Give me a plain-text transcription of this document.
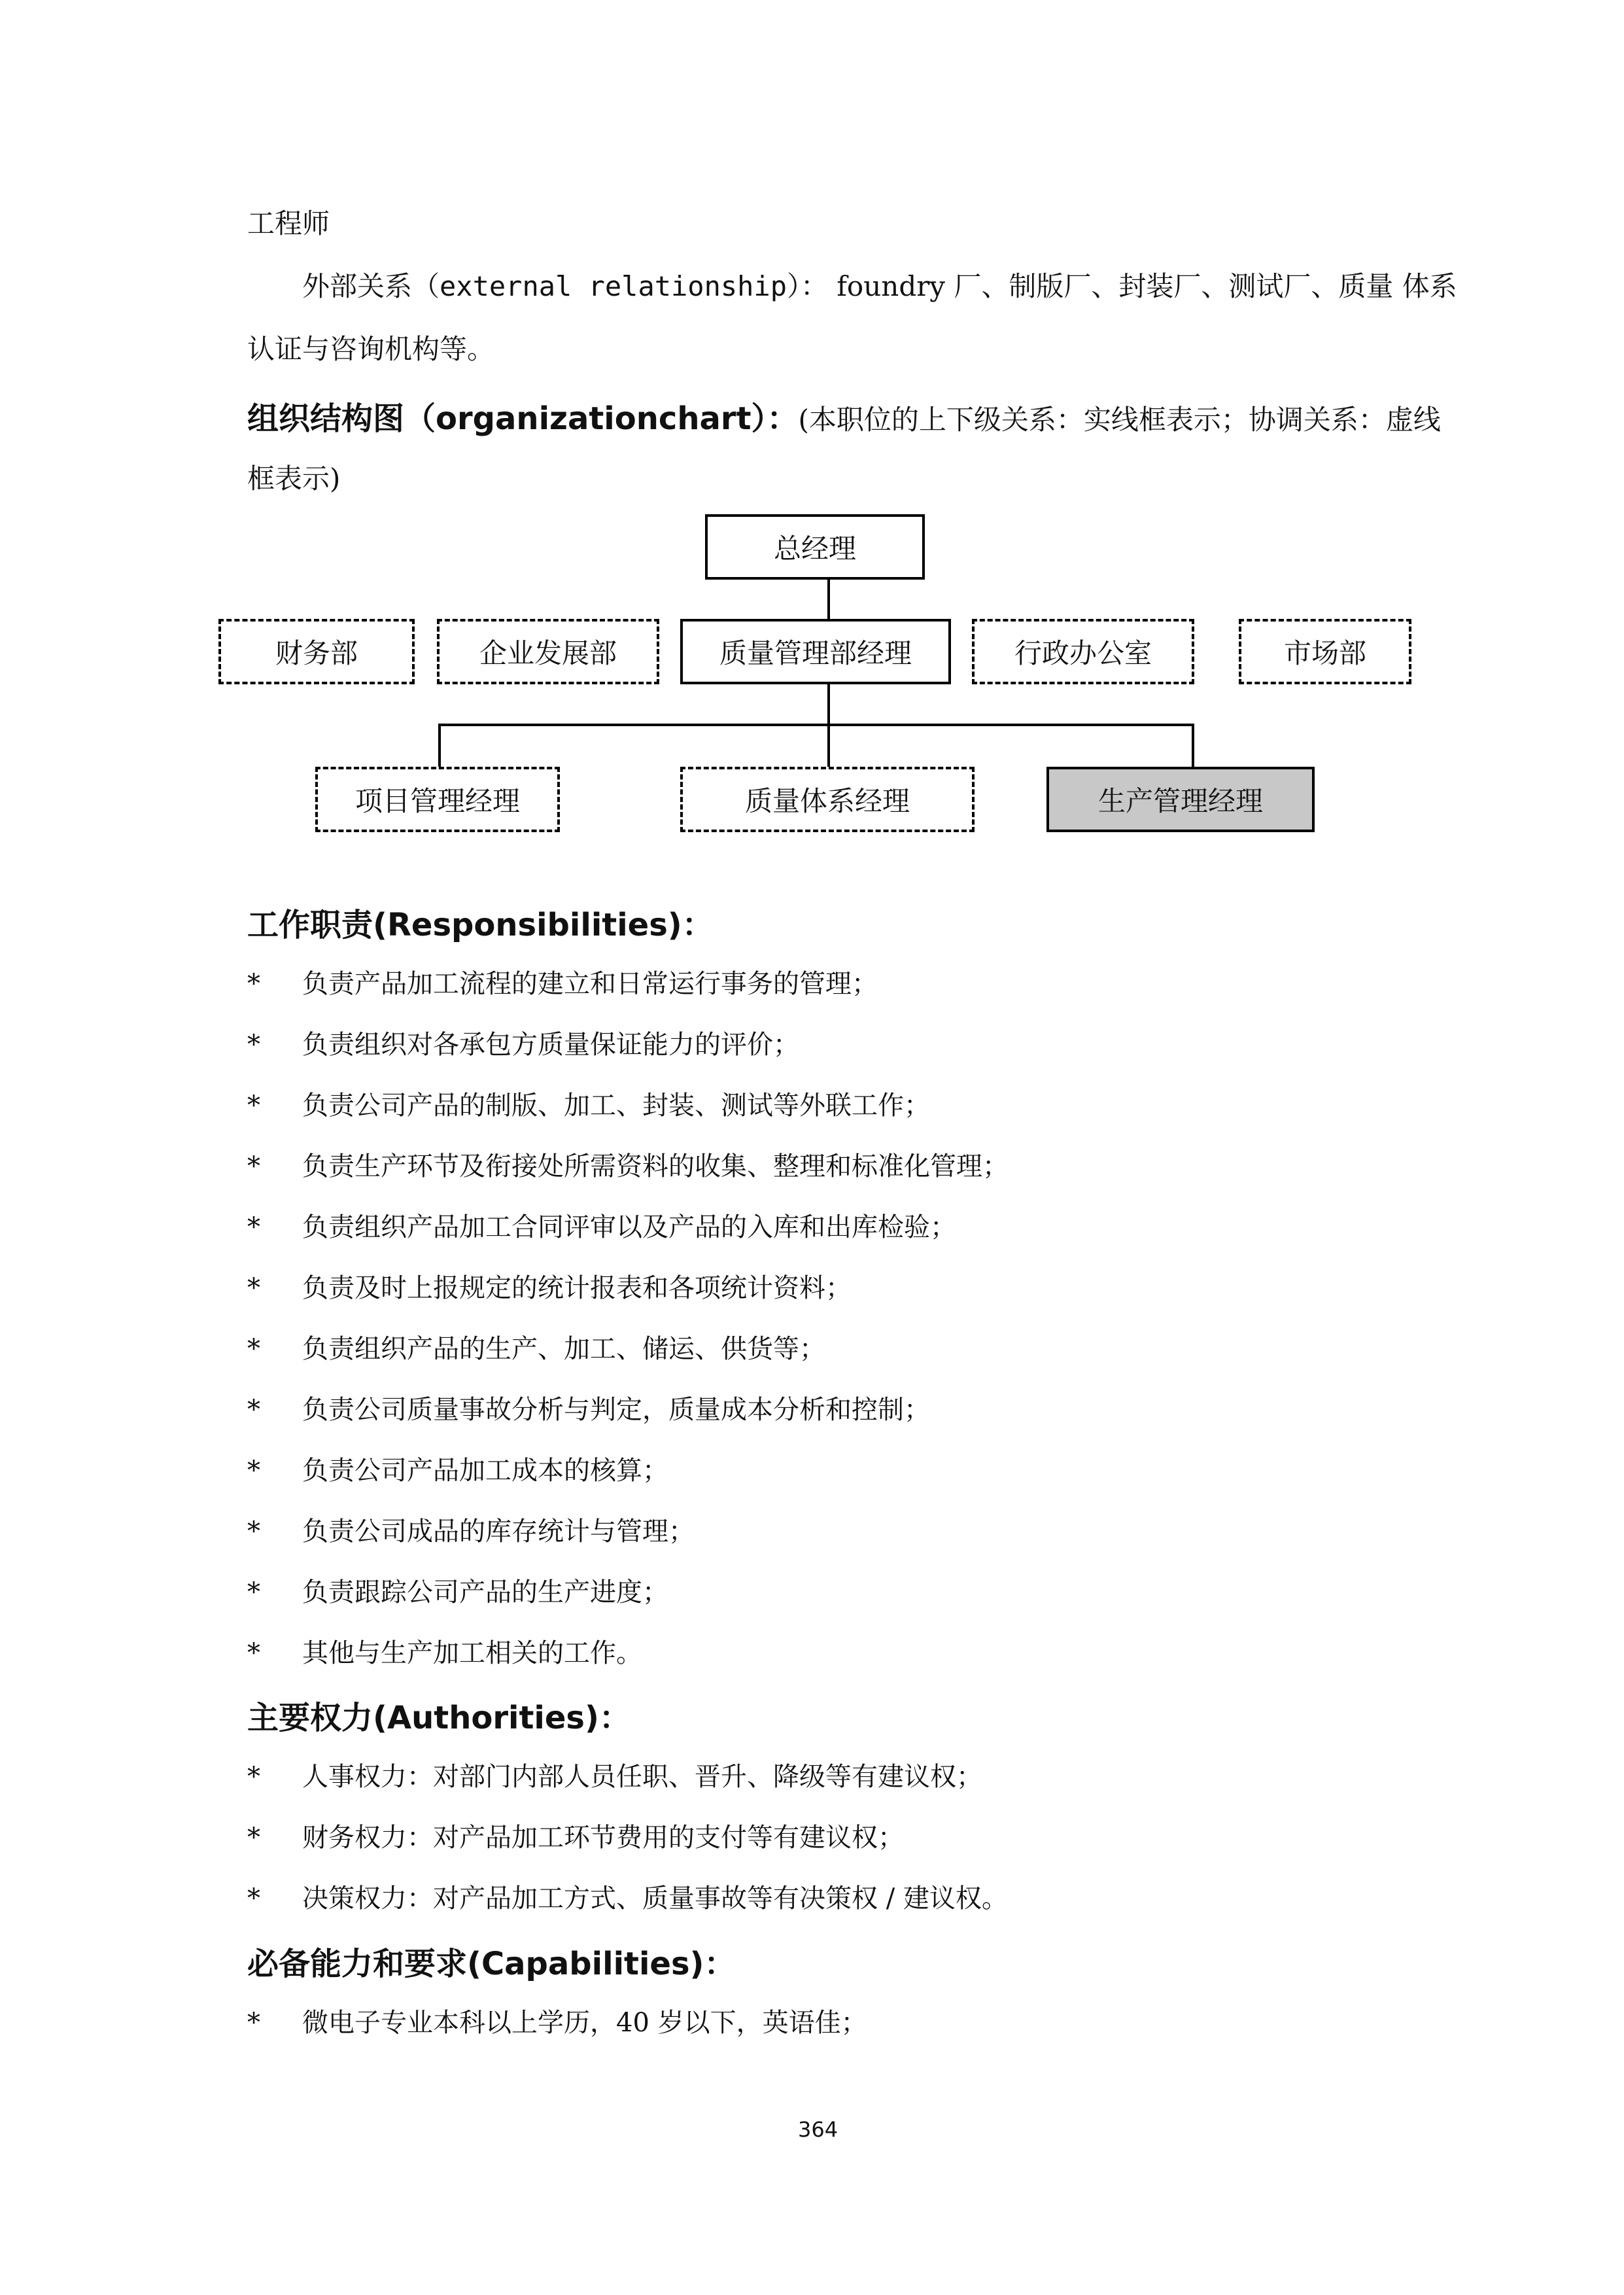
工程师
外部关系（external relationship）： foundry 厂、制版厂、封装厂、测试厂、质量 体系
认证与咨询机构等。
组织结构图（organizationchart）：(本职位的上下级关系：实线框表示；协调关系：虚线
框表示)
总经理
财务部	企业发展部	质量管理部经理	行政办公室	市场部
项目管理经理	质量体系经理	生产管理经理
工作职责(Responsibilities)：
* 负责产品加工流程的建立和日常运行事务的管理；
* 负责组织对各承包方质量保证能力的评价；
* 负责公司产品的制版、加工、封装、测试等外联工作；
* 负责生产环节及衔接处所需资料的收集、整理和标准化管理；
* 负责组织产品加工合同评审以及产品的入库和出库检验；
* 负责及时上报规定的统计报表和各项统计资料；
* 负责组织产品的生产、加工、储运、供货等；
* 负责公司质量事故分析与判定，质量成本分析和控制；
* 负责公司产品加工成本的核算；
* 负责公司成品的库存统计与管理；
* 负责跟踪公司产品的生产进度；
* 其他与生产加工相关的工作。
主要权力(Authorities)：
* 人事权力：对部门内部人员任职、晋升、降级等有建议权；
* 财务权力：对产品加工环节费用的支付等有建议权；
* 决策权力：对产品加工方式、质量事故等有决策权 / 建议权。
必备能力和要求(Capabilities)：
* 微电子专业本科以上学历，40 岁以下，英语佳；
364
